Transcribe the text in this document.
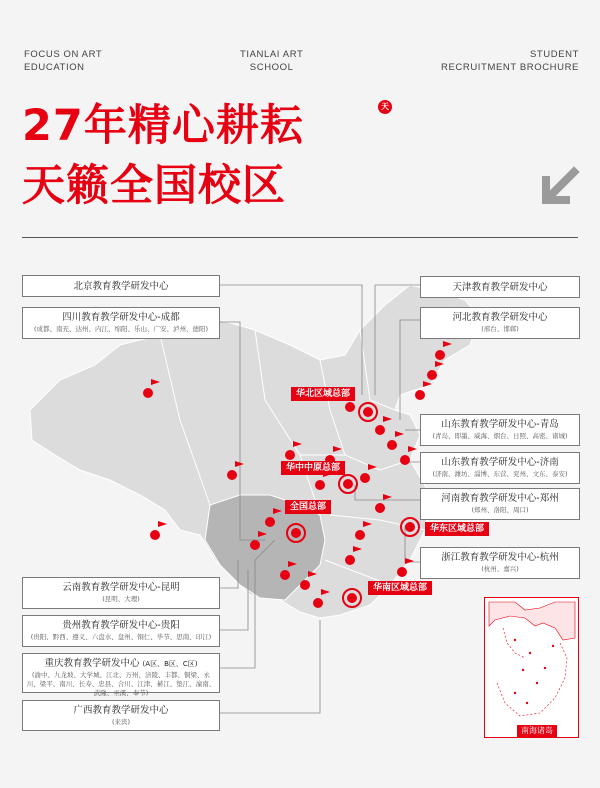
FOCUS ON ART
EDUCATION
TIANLAI ART
SCHOOL
STUDENT
RECRUITMENT BROCHURE
27年精心耕耘
天籁全国校区
天
华北区域总部
华中中原总部
全国总部
华东区域总部
华南区域总部
北京教育教学研发中心
四川教育教学研发中心-成都
(成都、南充、达州、内江、绵阳、乐山、广安、泸州、德阳)
云南教育教学研发中心-昆明
(昆明、大理)
贵州教育教学研发中心-贵阳
(贵阳、黔西、遵义、六盘水、盘州、铜仁、毕节、思南、印江)
重庆教育教学研发中心 (A区、B区、C区)
(渝中、九龙坡、大学城、江北、万州、涪陵、丰都、铜梁、永川、梁平、南川、长寿、忠县、合川、江津、綦江、垫江、潼南、武隆、巫溪、奉节)
广西教育教学研发中心
(来宾)
天津教育教学研发中心
河北教育教学研发中心
(邢台、邯郸)
山东教育教学研发中心-青岛
(青岛、即墨、威海、烟台、日照、高密、诸城)
山东教育教学研发中心-济南
(济南、潍坊、淄博、东营、兖州、文东、泰安)
河南教育教学研发中心-郑州
(郑州、洛阳、周口)
浙江教育教学研发中心-杭州
(杭州、嘉兴)
南海诸岛
